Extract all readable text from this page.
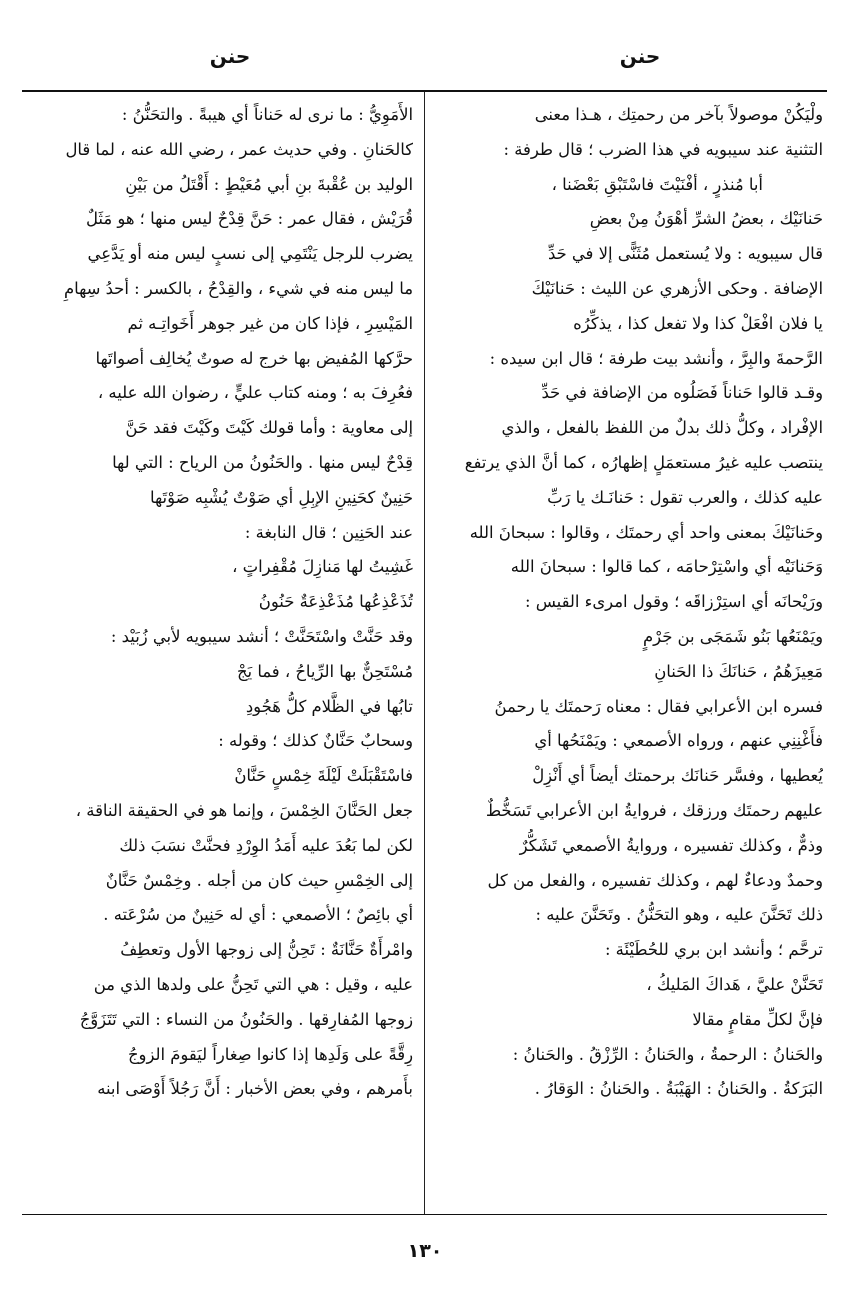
حنن
حنن
ولْيَكُنْ موصولاً بآخر من رحمتِك ، هـذا معنى
التثنية عند سيبويه في هذا الضرب ؛ قال طرفة :
أبا مُنذرٍ ، أفْنَيْتَ فاسْتَبْقِ بَعْضَنا ،
حَنانَيْك ، بعضُ الشرِّ أهْوَنُ مِنْ بعضِ
قال سيبويه : ولا يُستعمل مُثَنًّى إلا في حَدِّ
الإضافة . وحكى الأزهري عن الليث : حَنانَيْكَ
يا فلان افْعَلْ كذا ولا تفعل كذا ، يذكِّرُه
الرَّحمةَ والبِرَّ ، وأنشد بيت طرفة ؛ قال ابن سيده :
وقـد قالوا حَناناً فَصَلُوه من الإضافة في حَدِّ
الإفْراد ، وكلُّ ذلك بدلٌ من اللفظ بالفعل ، والذي
ينتصب عليه غيرُ مستعمَلٍ إظهارُه ، كما أنَّ الذي يرتفع
عليه كذلك ، والعرب تقول : حَنانَـك يا رَبِّ
وحَنانَيْكَ بمعنى واحد أي رحمتَك ، وقالوا : سبحانَ الله
وَحَنانَيْه أي واسْتِرْحامَه ، كما قالوا : سبحانَ الله
ورَيْحانَه أي استِرْزاقَه ؛ وقول امرىء القيس :
ويَمْنَعُها بَنُو شَمَجَى بن جَرْمٍ
مَعِيزَهُمُ ، حَنانَكَ ذا الحَنانِ
فسره ابن الأعرابي فقال : معناه رَحمتَك يا رحمنُ
فأَغْنِنِي عنهم ، ورواه الأصمعي : ويَمْنَحُها أي
يُعطيها ، وفسَّر حَنانَك برحمتك أيضاً أي أَنْزِلْ
عليهم رحمتَك ورزقك ، فروايةُ ابن الأعرابي تَسَخُّطٌ
وذمٌّ ، وكذلك تفسيره ، وروايةُ الأصمعي تَشَكُّرٌ
وحمدٌ ودعاءٌ لهم ، وكذلك تفسيره ، والفعل من كل
ذلك تَحَنَّنَ عليه ، وهو التحَنُّنُ . وتَحَنَّنَ عليه :
ترحَّم ؛ وأنشد ابن بري للحُطَيْئَة :
تَحَنَّنْ عليَّ ، هَداكَ المَليكُ ،
فإنَّ لكلِّ مقامٍ مقالا
والحَنانُ : الرحمةُ ، والحَنانُ : الرِّزْقُ . والحَنانُ :
البَرَكةُ . والحَنانُ : الهَيْبَةُ . والحَنانُ : الوَقارُ .
الأَمَوِيُّ : ما نرى له حَناناً أي هيبةً . والتحَنُّنُ :
كالحَنانِ . وفي حديث عمر ، رضي الله عنه ، لما قال
الوليد بن عُقْبةَ بنِ أبي مُعَيْطٍ : أَقْتَلُ من بَيْنِ
قُرَيْش ، فقال عمر : حَنَّ قِدْحٌ ليس منها ؛ هو مَثَلٌ
يضرب للرجل يَنْتَمِي إلى نسبٍ ليس منه أو يَدَّعِي
ما ليس منه في شيء ، والقِدْحُ ، بالكسر : أحدُ سِهامِ
المَيْسِرِ ، فإذا كان من غير جوهر أَخَواتِـه ثم
حرَّكها المُفيض بها خرج له صوتٌ يُخالِف أصواتَها
فعُرِفَ به ؛ ومنه كتاب عليٍّ ، رضوان الله عليه ،
إلى معاوية : وأما قولك كَيْتَ وكَيْتَ فقد حَنَّ
قِدْحٌ ليس منها . والحَنُونُ من الرياح : التي لها
حَنِينٌ كحَنِينِ الإبِلِ أي صَوْتٌ يُشْبِه صَوْتَها
عند الحَنِين ؛ قال النابغة :
غَشِيتُ لها مَنازِلَ مُقْفِراتٍ ،
تُذَعْذِعُها مُذَعْذِعَةٌ حَنُونُ
وقد حَنَّتْ واسْتَحَنَّتْ ؛ أنشد سيبويه لأبي زُبَيْد :
مُسْتَحِنٌّ بها الرِّياحُ ، فما يَجْ
تابُها في الظَّلام كلُّ هَجُودِ
وسحابٌ حَنَّانٌ كذلك ؛ وقوله :
فاسْتَقْبَلَتْ لَيْلَةَ خِمْسٍ حَنَّانْ
جعل الحَنَّانَ الخِمْسَ ، وإنما هو في الحقيقة الناقة ،
لكن لما بَعُدَ عليه أَمَدُ الوِرْدِ فحنَّتْ نسَبَ ذلك
إلى الخِمْسِ حيث كان من أجله . وخِمْسٌ حَنَّانٌ
أي بائِصٌ ؛ الأصمعي : أي له حَنِينٌ من سُرْعَته .
وامْرأَةٌ حَنَّانَةٌ : تَحِنُّ إلى زوجها الأول وتعطِفُ
عليه ، وقيل : هي التي تَحِنُّ على ولدها الذي من
زوجها المُفارِقها . والحَنُونُ من النساء : التي تَتَزَوَّجُ
رِقَّةً على وَلَدِها إذا كانوا صِغاراً ليَقومَ الزوجُ
بأَمرهم ، وفي بعض الأخبار : أَنَّ رَجُلاً أَوْصَى ابنه
١٣٠
